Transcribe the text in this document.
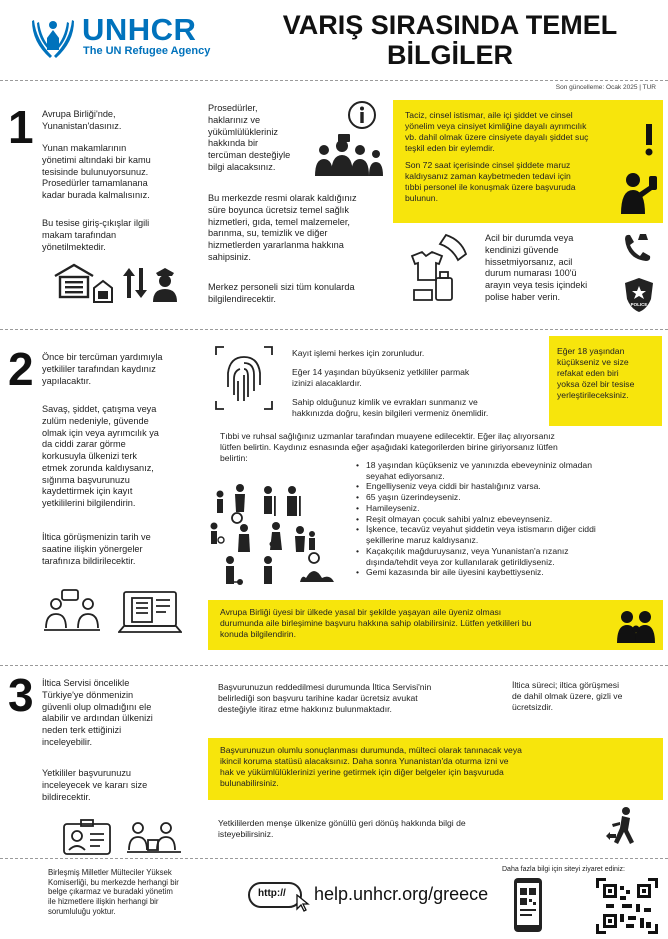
UNHCR
The UN Refugee Agency
VARIŞ SIRASINDA TEMEL
BİLGİLER
Son güncelleme: Ocak 2025 | TUR
1 Avrupa Birliği'nde,
Yunanistan'dasınız.
Yunan makamlarının
yönetimi altındaki bir kamu
tesisinde bulunuyorsunuz.
Prosedürler tamamlanana
kadar burada kalmalısınız.
Bu tesise giriş-çıkışlar ilgili
makam tarafından
yönetilmektedir.
Prosedürler,
haklarınız ve
yükümlülükleriniz
hakkında bir
tercüman desteğiyle
bilgi alacaksınız.
Bu merkezde resmi olarak kaldığınız
süre boyunca ücretsiz temel sağlık
hizmetleri, gıda, temel malzemeler,
barınma, su, temizlik ve diğer
hizmetlerden yararlanma hakkına
sahipsiniz.
Merkez personeli sizi tüm konularda
bilgilendirecektir.
Taciz, cinsel istismar, aile içi şiddet ve cinsel
yönelim veya cinsiyet kimliğine dayalı ayrımcılık
vb. dahil olmak üzere cinsiyete dayalı şiddet suç
teşkil eden bir eylemdir.
Son 72 saat içerisinde cinsel şiddete maruz
kaldıysanız zaman kaybetmeden tedavi için
tıbbi personel ile konuşmak üzere başvuruda
bulunun.
Acil bir durumda veya
kendinizi güvende
hissetmiyorsanız, acil
durum numarası 100'ü
arayın veya tesis içindeki
polise haber verin.
POLICE
2 Önce bir tercüman yardımıyla
yetkililer tarafından kaydınız
yapılacaktır.
Savaş, şiddet, çatışma veya
zulüm nedeniyle, güvende
olmak için veya ayrımcılık ya
da ciddi zarar görme
korkusuyla ülkenizi terk
etmek zorunda kaldıysanız,
sığınma başvurunuzu
kaydettirmek için kayıt
yetkililerini bilgilendirin.
İltica görüşmenizin tarih ve
saatine ilişkin yönergeler
tarafınıza bildirilecektir.
Kayıt işlemi herkes için zorunludur.
Eğer 14 yaşından büyükseniz yetkililer parmak
izinizi alacaklardır.
Sahip olduğunuz kimlik ve evrakları sunmanız ve
hakkınızda doğru, kesin bilgileri vermeniz önemlidir.
Eğer 18 yaşından
küçükseniz ve size
refakat eden biri
yoksa özel bir tesise
yerleştirileceksiniz.
Tıbbi ve ruhsal sağlığınız uzmanlar tarafından muayene edilecektir. Eğer ilaç alıyorsanız
lütfen belirtin. Kaydınız esnasında eğer aşağıdaki kategorilerden birine giriyorsanız lütfen
belirtin:
• 18 yaşından küçükseniz ve yanınızda ebeveyniniz olmadan
seyahat ediyorsanız.
• Engelliyseniz veya ciddi bir hastalığınız varsa.
• 65 yaşın üzerindeyseniz.
• Hamileyseniz.
• Reşit olmayan çocuk sahibi yalnız ebeveynseniz.
• İşkence, tecavüz veyahut şiddetin veya istismarın diğer ciddi
şekillerine maruz kaldıysanız.
• Kaçakçılık mağduruysanız, veya Yunanistan'a rızanız
dışında/tehdit veya zor kullanılarak getirildiyseniz.
• Gemi kazasında bir aile üyesini kaybettiyseniz.
Avrupa Birliği üyesi bir ülkede yasal bir şekilde yaşayan aile üyeniz olması
durumunda aile birleşimine başvuru hakkına sahip olabilirsiniz. Lütfen yetkilileri bu
konuda bilgilendirin.
3 İltica Servisi öncelikle
Türkiye'ye dönmenizin
güvenli olup olmadığını ele
alabilir ve ardından ülkenizi
neden terk ettiğinizi
inceleyebilir.
Yetkililer başvurunuzu
inceleyecek ve kararı size
bildirecektir.
Başvurunuzun reddedilmesi durumunda İltica Servisi'nin
belirlediği son başvuru tarihine kadar ücretsiz avukat
desteğiyle itiraz etme hakkınız bulunmaktadır.
İltica süreci; iltica görüşmesi
de dahil olmak üzere, gizli ve
ücretsizdir.
Başvurunuzun olumlu sonuçlanması durumunda, mülteci olarak tanınacak veya
ikincil koruma statüsü alacaksınız. Daha sonra Yunanistan'da oturma izni ve
hak ve yükümlülüklerinizi yerine getirmek için diğer belgeler için başvuruda
bulunabilirsiniz.
Yetkililerden menşe ülkenize gönüllü geri dönüş hakkında bilgi de
isteyebilirsiniz.
Birleşmiş Milletler Mülteciler Yüksek
Komiserliği, bu merkezde herhangi bir
belge çıkarmaz ve buradaki yönetim
ile hizmetlere ilişkin herhangi bir
sorumluluğu yoktur.
http:// help.unhcr.org/greece
Daha fazla bilgi için siteyi ziyaret ediniz:
